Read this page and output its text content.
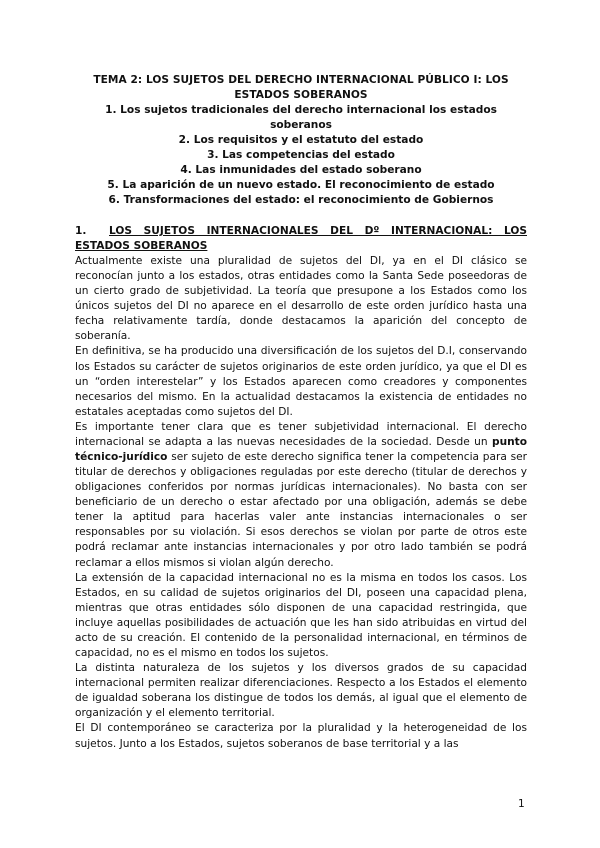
TEMA 2: LOS SUJETOS DEL DERECHO INTERNACIONAL PÚBLICO I: LOS ESTADOS SOBERANOS
1. Los sujetos tradicionales del derecho internacional los estados soberanos
2. Los requisitos y el estatuto del estado
3. Las competencias del estado
4. Las inmunidades del estado soberano
5. La aparición de un nuevo estado. El reconocimiento de estado
6. Transformaciones del estado: el reconocimiento de Gobiernos
1. LOS SUJETOS INTERNACIONALES DEL Dº INTERNACIONAL: LOS ESTADOS SOBERANOS

Actualmente existe una pluralidad de sujetos del DI, ya en el DI clásico se reconocían junto a los estados, otras entidades como la Santa Sede poseedoras de un cierto grado de subjetividad. La teoría que presupone a los Estados como los únicos sujetos del DI no aparece en el desarrollo de este orden jurídico hasta una fecha relativamente tardía, donde destacamos la aparición del concepto de soberanía.

En definitiva, se ha producido una diversificación de los sujetos del D.I, conservando los Estados su carácter de sujetos originarios de este orden jurídico, ya que el DI es un “orden interestelar” y los Estados aparecen como creadores y componentes necesarios del mismo. En la actualidad destacamos la existencia de entidades no estatales aceptadas como sujetos del DI.

Es importante tener clara que es tener subjetividad internacional. El derecho internacional se adapta a las nuevas necesidades de la sociedad. Desde un punto técnico-jurídico ser sujeto de este derecho significa tener la competencia para ser titular de derechos y obligaciones reguladas por este derecho (titular de derechos y obligaciones conferidos por normas jurídicas internacionales). No basta con ser beneficiario de un derecho o estar afectado por una obligación, además se debe tener la aptitud para hacerlas valer ante instancias internacionales o ser responsables por su violación. Si esos derechos se violan por parte de otros este podrá reclamar ante instancias internacionales y por otro lado también se podrá reclamar a ellos mismos si violan algún derecho.

La extensión de la capacidad internacional no es la misma en todos los casos. Los Estados, en su calidad de sujetos originarios del DI, poseen una capacidad plena, mientras que otras entidades sólo disponen de una capacidad restringida, que incluye aquellas posibilidades de actuación que les han sido atribuidas en virtud del acto de su creación. El contenido de la personalidad internacional, en términos de capacidad, no es el mismo en todos los sujetos.

La distinta naturaleza de los sujetos y los diversos grados de su capacidad internacional permiten realizar diferenciaciones. Respecto a los Estados el elemento de igualdad soberana los distingue de todos los demás, al igual que el elemento de organización y el elemento territorial.

El DI contemporáneo se caracteriza por la pluralidad y la heterogeneidad de los sujetos. Junto a los Estados, sujetos soberanos de base territorial y a las

1
